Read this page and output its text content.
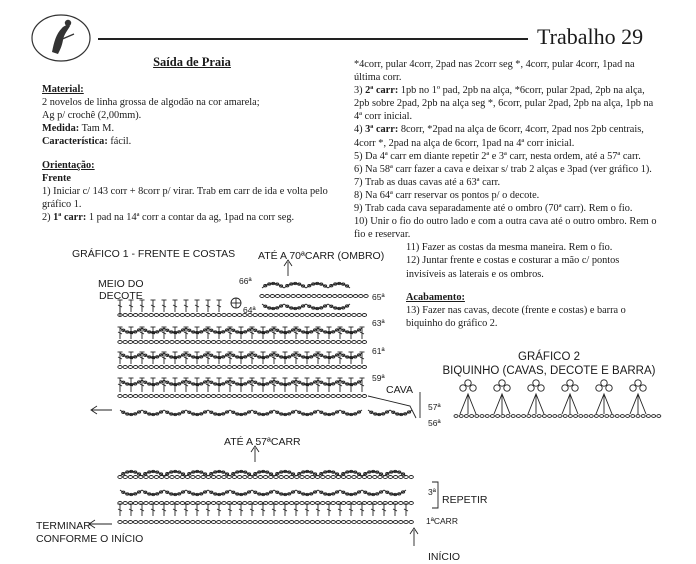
Trabalho 29
Saída de Praia
Material:
2 novelos de linha grossa de algodão na cor amarela;
Ag p/ crochê (2,00mm).
Medida: Tam M.
Característica: fácil.
Orientação:
Frente
1) Iniciar c/ 143 corr + 8corr p/ virar. Trab em carr de ida e volta pelo gráfico 1.
2) 1ª carr: 1 pad na 14ª corr a contar da ag, 1pad na corr seg.

*4corr, pular 4corr, 2pad nas 2corr seg *, 4corr, pular 4corr, 1pad na última corr.

3) 2ª carr: 1pb no 1º pad, 2pb na alça, *6corr, pular 2pad, 2pb na alça, 2pb sobre 2pad, 2pb na alça seg *, 6corr, pular 2pad, 2pb na alça, 1pb na 4ª corr inicial.

4) 3ª carr: 8corr, *2pad na alça de 6corr, 4corr, 2pad nos 2pb centrais, 4corr *, 2pad na alça de 6corr, 1pad na 4ª corr inicial.

5) Da 4ª carr em diante repetir 2ª e 3ª carr, nesta ordem, até a 57ª carr.

6) Na 58ª carr fazer a cava e deixar s/ trab 2 alças e 3pad (ver gráfico 1).

7) Trab as duas cavas até a 63ª carr.

8) Na 64ª carr reservar os pontos p/ o decote.

9) Trab cada cava separadamente até o ombro (70ª carr). Rem o fio.

10) Unir o fio do outro lado e com a outra cava até o outro ombro. Rem o fio e reservar.

11) Fazer as costas da mesma maneira. Rem o fio.

12) Juntar frente e costas e costurar a mão c/ pontos invisíveis as laterais e os ombros.

Acabamento:

13) Fazer nas cavas, decote (frente e costas) e barra o biquinho do gráfico 2.

GRÁFICO 1 - FRENTE E COSTAS ATÉ A 70ªCARR (OMBRO)
MEIO DO
DECOTE
ATÉ A 57ªCARR
CAVA
REPETIR
TERMINAR
CONFORME O INÍCIO
INÍCIO
66ª
65ª
64ª
63ª
61ª
59ª
57ª
56ª
3ª
1ªCARR
GRÁFICO 2
BIQUINHO (CAVAS, DECOTE E BARRA)
